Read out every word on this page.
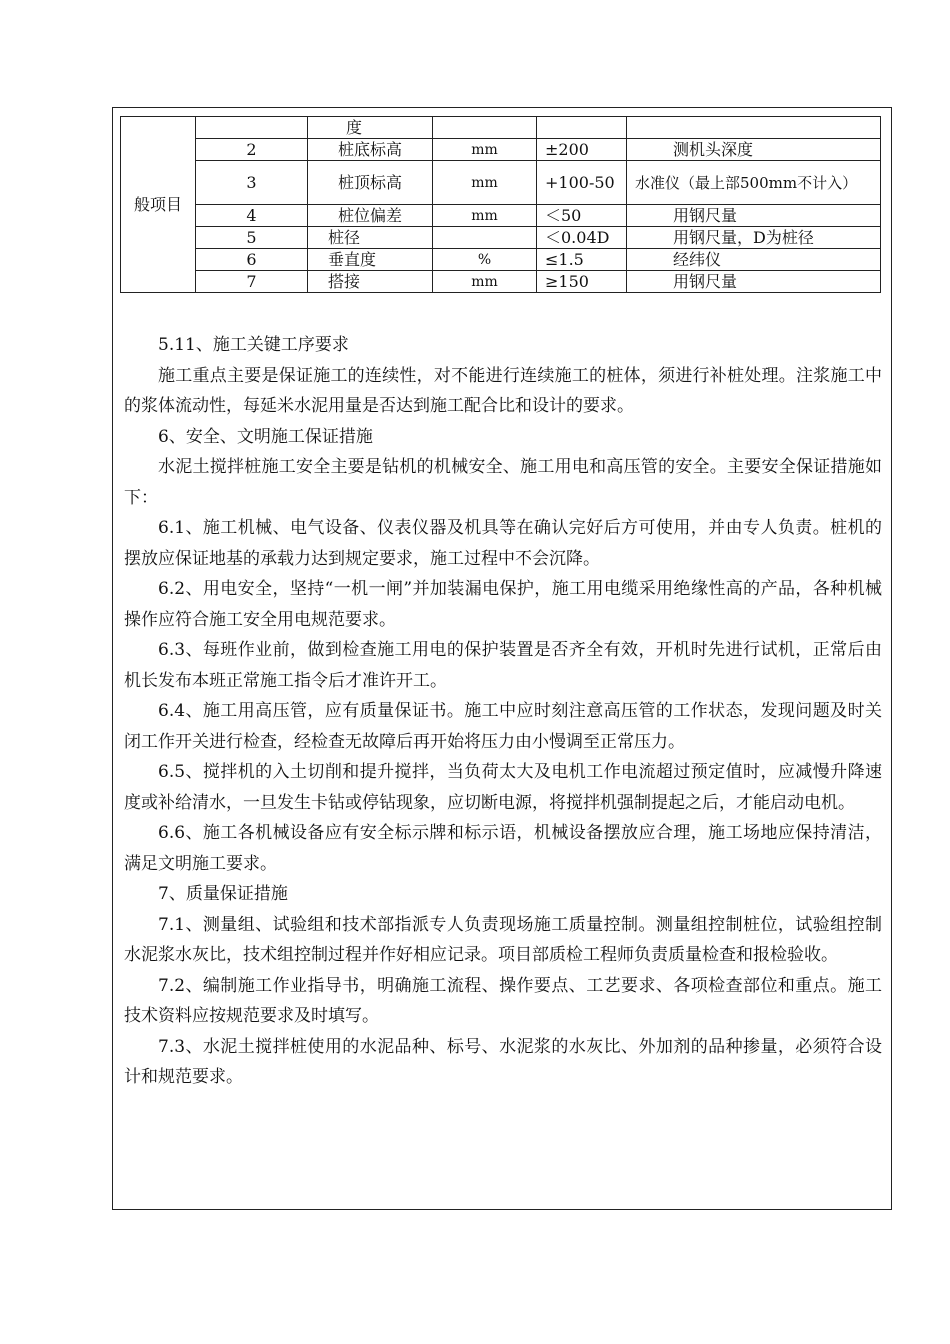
般项目		度			
	2	桩底标高	mm	±200	测机头深度
	3	桩顶标高	mm	+100-50	水准仪（最上部500mm不计入）
	4	桩位偏差	mm	＜50	用钢尺量
	5	桩径		＜0.04D	用钢尺量，D为桩径
	6	垂直度	%	≤1.5	经纬仪
	7	搭接	mm	≥150	用钢尺量

5.11、施工关键工序要求

施工重点主要是保证施工的连续性，对不能进行连续施工的桩体，须进行补桩处理。注浆施工中的浆体流动性，每延米水泥用量是否达到施工配合比和设计的要求。

6、安全、文明施工保证措施

水泥土搅拌桩施工安全主要是钻机的机械安全、施工用电和高压管的安全。主要安全保证措施如下：

6.1、施工机械、电气设备、仪表仪器及机具等在确认完好后方可使用，并由专人负责。桩机的摆放应保证地基的承载力达到规定要求，施工过程中不会沉降。

6.2、用电安全，坚持“一机一闸”并加装漏电保护，施工用电缆采用绝缘性高的产品，各种机械操作应符合施工安全用电规范要求。

6.3、每班作业前，做到检查施工用电的保护装置是否齐全有效，开机时先进行试机，正常后由机长发布本班正常施工指令后才准许开工。

6.4、施工用高压管，应有质量保证书。施工中应时刻注意高压管的工作状态，发现问题及时关闭工作开关进行检查，经检查无故障后再开始将压力由小慢调至正常压力。

6.5、搅拌机的入土切削和提升搅拌，当负荷太大及电机工作电流超过预定值时，应减慢升降速度或补给清水，一旦发生卡钻或停钻现象，应切断电源，将搅拌机强制提起之后，才能启动电机。

6.6、施工各机械设备应有安全标示牌和标示语，机械设备摆放应合理，施工场地应保持清洁，满足文明施工要求。

7、质量保证措施

7.1、测量组、试验组和技术部指派专人负责现场施工质量控制。测量组控制桩位，试验组控制水泥浆水灰比，技术组控制过程并作好相应记录。项目部质检工程师负责质量检查和报检验收。

7.2、编制施工作业指导书，明确施工流程、操作要点、工艺要求、各项检查部位和重点。施工技术资料应按规范要求及时填写。

7.3、水泥土搅拌桩使用的水泥品种、标号、水泥浆的水灰比、外加剂的品种掺量，必须符合设计和规范要求。
